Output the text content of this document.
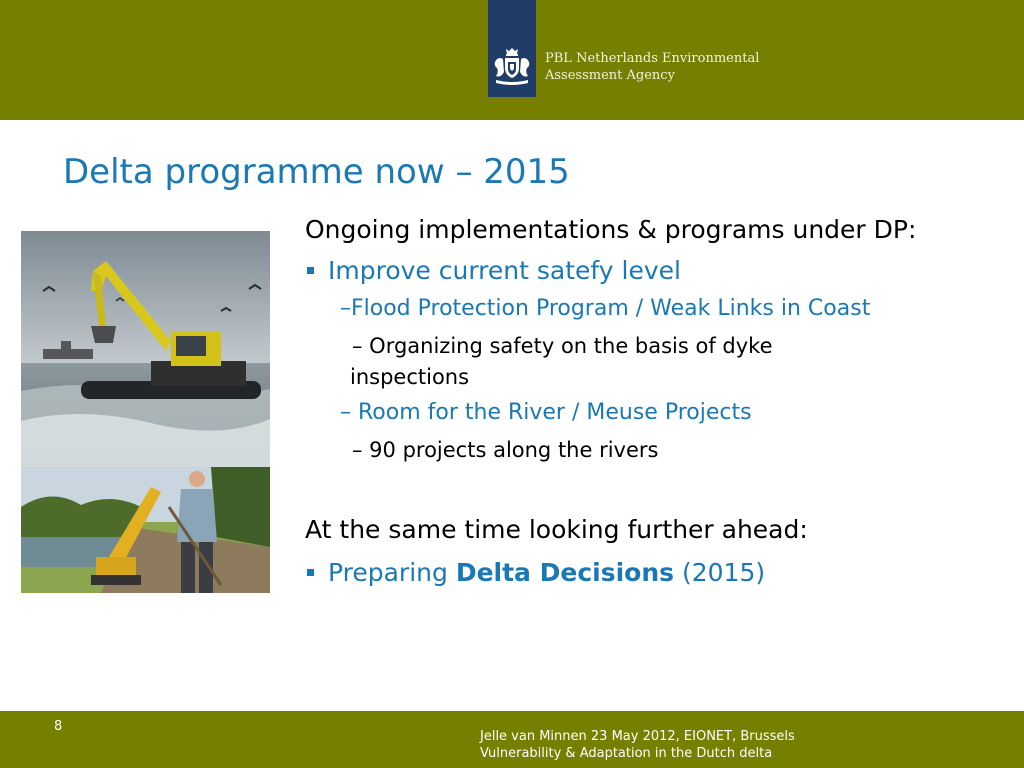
PBL Netherlands Environmental
Assessment Agency
Delta programme now – 2015
Ongoing implementations & programs under DP:
Improve current satefy level
–Flood Protection Program / Weak Links in Coast
– Organizing safety on the basis of dyke
inspections
– Room for the River / Meuse Projects
– 90 projects along the rivers
At the same time looking further ahead:
Preparing Delta Decisions (2015)
8
Jelle van Minnen 23 May 2012, EIONET, Brussels
Vulnerability & Adaptation in the Dutch delta
